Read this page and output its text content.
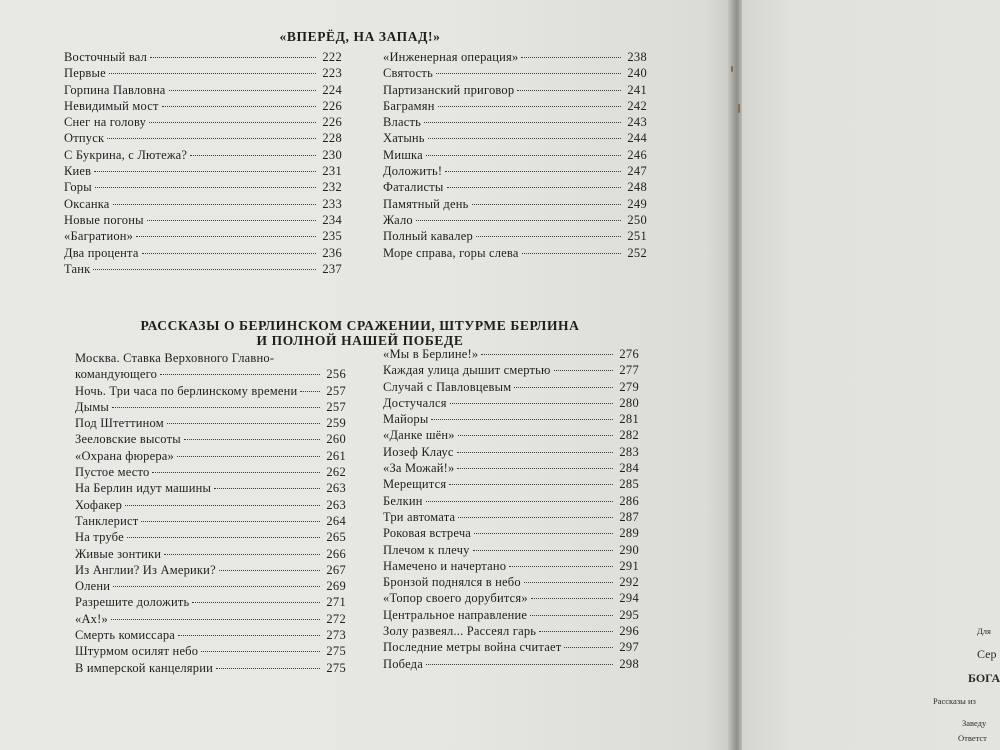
«ВПЕРЁД, НА ЗАПАД!»
Восточный вал	222
Первые	223
Горпина Павловна	224
Невидимый мост	226
Снег на голову	226
Отпуск	228
С Букрина, с Лютежа?	230
Киев	231
Горы	232
Оксанка	233
Новые погоны	234
«Багратион»	235
Два процента	236
Танк	237
«Инженерная операция»	238
Святость	240
Партизанский приговор	241
Баграмян	242
Власть	243
Хатынь	244
Мишка	246
Доложить!	247
Фаталисты	248
Памятный день	249
Жало	250
Полный кавалер	251
Море справа, горы слева	252
РАССКАЗЫ О БЕРЛИНСКОМ СРАЖЕНИИ, ШТУРМЕ БЕРЛИНА
И ПОЛНОЙ НАШЕЙ ПОБЕДЕ
Москва. Ставка Верховного Главно-
командующего	256
Ночь. Три часа по берлинскому времени 257
Дымы	257
Под Штеттином	259
Зееловские высоты	260
«Охрана фюрера»	261
Пустое место	262
На Берлин идут машины	263
Хофакер	263
Танклерист	264
На трубе	265
Живые зонтики	266
Из Англии? Из Америки?	267
Олени	269
Разрешите доложить	271
«Ах!»	272
Смерть комиссара	273
Штурмом осилят небо	275
В имперской канцелярии	275
«Мы в Берлине!»	276
Каждая улица дышит смертью	277
Случай с Павловцевым	279
Достучался	280
Майоры	281
«Данке шён»	282
Иозеф Клаус	283
«За Можай!»	284
Мерещится	285
Белкин	286
Три автомата	287
Роковая встреча	289
Плечом к плечу	290
Намечено и начертано	291
Бронзой поднялся в небо	292
«Топор своего дорубится»	294
Центральное направление	295
Золу развеял... Рассеял гарь	296
Последние метры война считает	297
Победа	298
Для
Сер
БОГА
Рассказы из
Заведу
Ответст
